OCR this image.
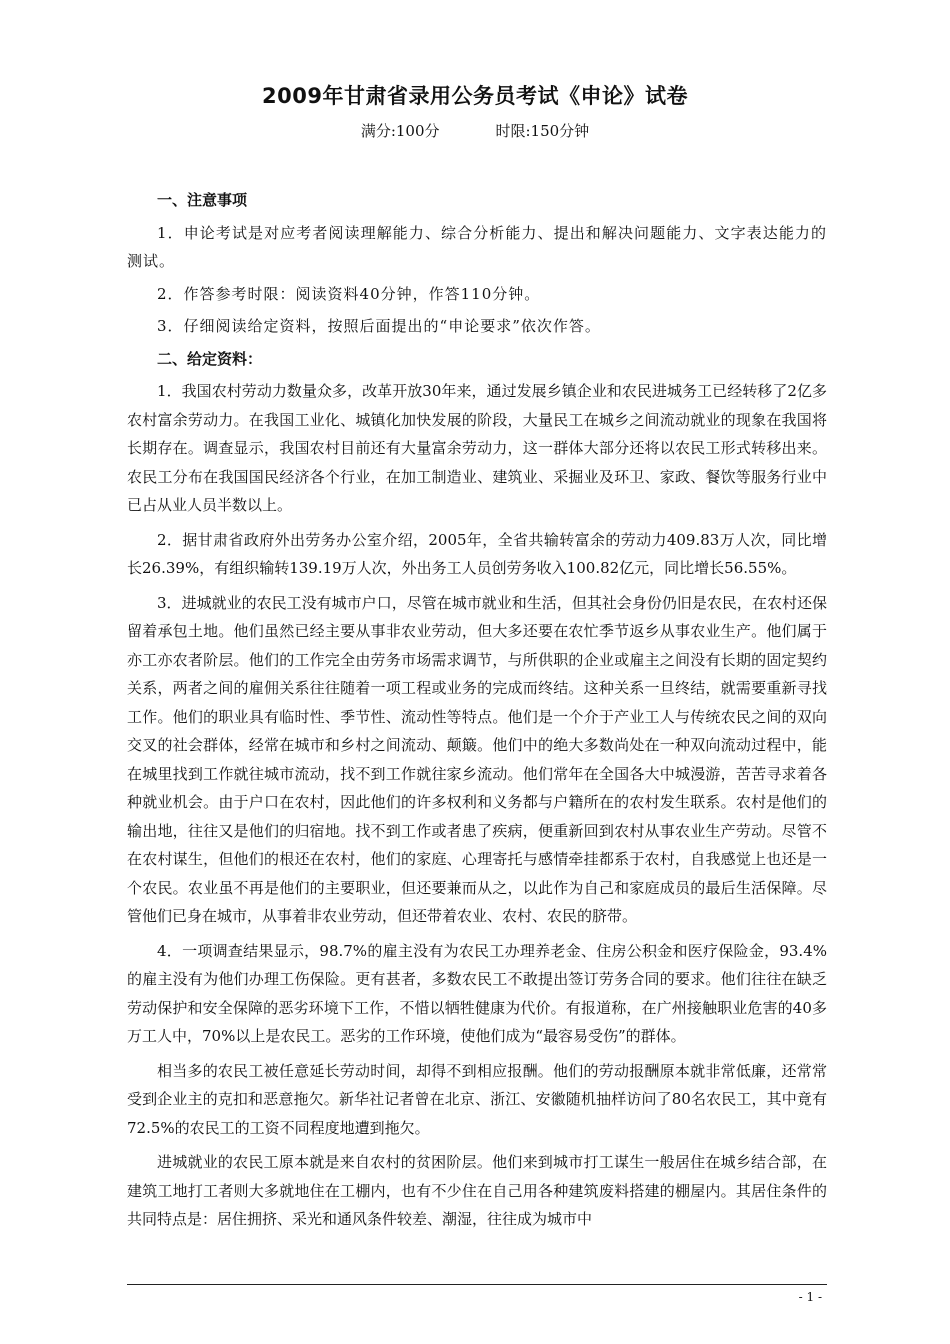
2009年甘肃省录用公务员考试《申论》试卷
满分:100分	时限:150分钟
一、注意事项

1．申论考试是对应考者阅读理解能力、综合分析能力、提出和解决问题能力、文字表达能力的测试。

2．作答参考时限：阅读资料40分钟，作答110分钟。

3．仔细阅读给定资料，按照后面提出的“申论要求”依次作答。

二、给定资料：

1．我国农村劳动力数量众多，改革开放30年来，通过发展乡镇企业和农民进城务工已经转移了2亿多农村富余劳动力。在我国工业化、城镇化加快发展的阶段，大量民工在城乡之间流动就业的现象在我国将长期存在。调查显示，我国农村目前还有大量富余劳动力，这一群体大部分还将以农民工形式转移出来。农民工分布在我国国民经济各个行业，在加工制造业、建筑业、采掘业及环卫、家政、餐饮等服务行业中已占从业人员半数以上。

2．据甘肃省政府外出劳务办公室介绍，2005年，全省共输转富余的劳动力409.83万人次，同比增长26.39%，有组织输转139.19万人次，外出务工人员创劳务收入100.82亿元，同比增长56.55%。

3．进城就业的农民工没有城市户口，尽管在城市就业和生活，但其社会身份仍旧是农民，在农村还保留着承包土地。他们虽然已经主要从事非农业劳动，但大多还要在农忙季节返乡从事农业生产。他们属于亦工亦农者阶层。他们的工作完全由劳务市场需求调节，与所供职的企业或雇主之间没有长期的固定契约关系，两者之间的雇佣关系往往随着一项工程或业务的完成而终结。这种关系一旦终结，就需要重新寻找工作。他们的职业具有临时性、季节性、流动性等特点。他们是一个介于产业工人与传统农民之间的双向交叉的社会群体，经常在城市和乡村之间流动、颠簸。他们中的绝大多数尚处在一种双向流动过程中，能在城里找到工作就往城市流动，找不到工作就往家乡流动。他们常年在全国各大中城漫游，苦苦寻求着各种就业机会。由于户口在农村，因此他们的许多权利和义务都与户籍所在的农村发生联系。农村是他们的输出地，往往又是他们的归宿地。找不到工作或者患了疾病，便重新回到农村从事农业生产劳动。尽管不在农村谋生，但他们的根还在农村，他们的家庭、心理寄托与感情牵挂都系于农村，自我感觉上也还是一个农民。农业虽不再是他们的主要职业，但还要兼而从之，以此作为自己和家庭成员的最后生活保障。尽管他们已身在城市，从事着非农业劳动，但还带着农业、农村、农民的脐带。

4．一项调查结果显示，98.7%的雇主没有为农民工办理养老金、住房公积金和医疗保险金，93.4%的雇主没有为他们办理工伤保险。更有甚者，多数农民工不敢提出签订劳务合同的要求。他们往往在缺乏劳动保护和安全保障的恶劣环境下工作，不惜以牺牲健康为代价。有报道称，在广州接触职业危害的40多万工人中，70%以上是农民工。恶劣的工作环境，使他们成为“最容易受伤”的群体。

相当多的农民工被任意延长劳动时间，却得不到相应报酬。他们的劳动报酬原本就非常低廉，还常常受到企业主的克扣和恶意拖欠。新华社记者曾在北京、浙江、安徽随机抽样访问了80名农民工，其中竟有72.5%的农民工的工资不同程度地遭到拖欠。

进城就业的农民工原本就是来自农村的贫困阶层。他们来到城市打工谋生一般居住在城乡结合部，在建筑工地打工者则大多就地住在工棚内，也有不少住在自己用各种建筑废料搭建的棚屋内。其居住条件的共同特点是：居住拥挤、采光和通风条件较差、潮湿，往往成为城市中

- 1 -
